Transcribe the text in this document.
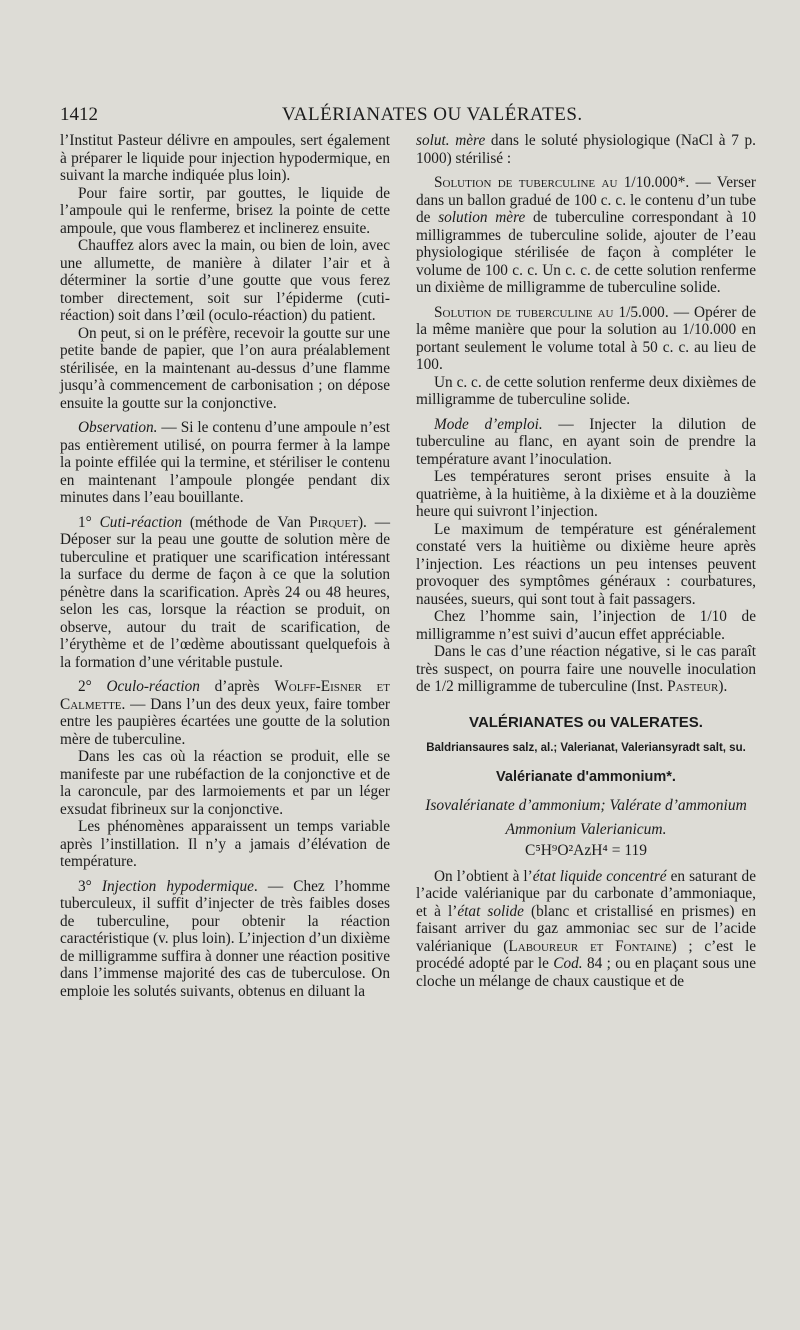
1412	VALÉRIANATES OU VALÉRATES.

l’Institut Pasteur délivre en ampoules, sert également à préparer le liquide pour injection hypodermique, en suivant la marche indiquée plus loin).

Pour faire sortir, par gouttes, le liquide de l’ampoule qui le renferme, brisez la pointe de cette ampoule, que vous flamberez et inclinerez ensuite.

Chauffez alors avec la main, ou bien de loin, avec une allumette, de manière à dilater l’air et à déterminer la sortie d’une goutte que vous ferez tomber directement, soit sur l’épiderme (cuti-réaction) soit dans l’œil (oculo-réaction) du patient.

On peut, si on le préfère, recevoir la goutte sur une petite bande de papier, que l’on aura préalablement stérilisée, en la maintenant au-dessus d’une flamme jusqu’à commencement de carbonisation ; on dépose ensuite la goutte sur la conjonctive.

Observation. — Si le contenu d’une ampoule n’est pas entièrement utilisé, on pourra fermer à la lampe la pointe effilée qui la termine, et stériliser le contenu en maintenant l’ampoule plongée pendant dix minutes dans l’eau bouillante.

1° Cuti-réaction (méthode de Van Pirquet). — Déposer sur la peau une goutte de solution mère de tuberculine et pratiquer une scarification intéressant la surface du derme de façon à ce que la solution pénètre dans la scarification. Après 24 ou 48 heures, selon les cas, lorsque la réaction se produit, on observe, autour du trait de scarification, de l’érythème et de l’œdème aboutissant quelquefois à la formation d’une véritable pustule.

2° Oculo-réaction d’après Wolff-Eisner et Calmette. — Dans l’un des deux yeux, faire tomber entre les paupières écartées une goutte de la solution mère de tuberculine.

Dans les cas où la réaction se produit, elle se manifeste par une rubéfaction de la conjonctive et de la caroncule, par des larmoiements et par un léger exsudat fibrineux sur la conjonctive.

Les phénomènes apparaissent un temps variable après l’instillation. Il n’y a jamais d’élévation de température.

3° Injection hypodermique. — Chez l’homme tuberculeux, il suffit d’injecter de très faibles doses de tuberculine, pour obtenir la réaction caractéristique (v. plus loin). L’injection d’un dixième de milligramme suffira à donner une réaction positive dans l’immense majorité des cas de tuberculose. On emploie les solutés suivants, obtenus en diluant la

solut. mère dans le soluté physiologique (NaCl à 7 p. 1000) stérilisé :

Solution de tuberculine au 1/10.000*. — Verser dans un ballon gradué de 100 c. c. le contenu d’un tube de solution mère de tuberculine correspondant à 10 milligrammes de tuberculine solide, ajouter de l’eau physiologique stérilisée de façon à compléter le volume de 100 c. c. Un c. c. de cette solution renferme un dixième de milligramme de tuberculine solide.

Solution de tuberculine au 1/5.000. — Opérer de la même manière que pour la solution au 1/10.000 en portant seulement le volume total à 50 c. c. au lieu de 100.

Un c. c. de cette solution renferme deux dixièmes de milligramme de tuberculine solide.

Mode d’emploi. — Injecter la dilution de tuberculine au flanc, en ayant soin de prendre la température avant l’inoculation.

Les températures seront prises ensuite à la quatrième, à la huitième, à la dixième et à la douzième heure qui suivront l’injection.

Le maximum de température est généralement constaté vers la huitième ou dixième heure après l’injection. Les réactions un peu intenses peuvent provoquer des symptômes généraux : courbatures, nausées, sueurs, qui sont tout à fait passagers.

Chez l’homme sain, l’injection de 1/10 de milligramme n’est suivi d’aucun effet appréciable.

Dans le cas d’une réaction négative, si le cas paraît très suspect, on pourra faire une nouvelle inoculation de 1/2 milligramme de tuberculine (Inst. Pasteur).

VALÉRIANATES ou VALERATES.
Baldriansaures salz, al.; Valerianat, Valeriansyradt salt, su.
Valérianate d'ammonium*.
Isovalérianate d’ammonium; Valérate d’ammonium
Ammonium Valerianicum.
C⁵H⁹O²AzH⁴ = 119

On l’obtient à l’état liquide concentré en saturant de l’acide valérianique par du carbonate d’ammoniaque, et à l’état solide (blanc et cristallisé en prismes) en faisant arriver du gaz ammoniac sec sur de l’acide valérianique (Laboureur et Fontaine) ; c’est le procédé adopté par le Cod. 84 ; ou en plaçant sous une cloche un mélange de chaux caustique et de
